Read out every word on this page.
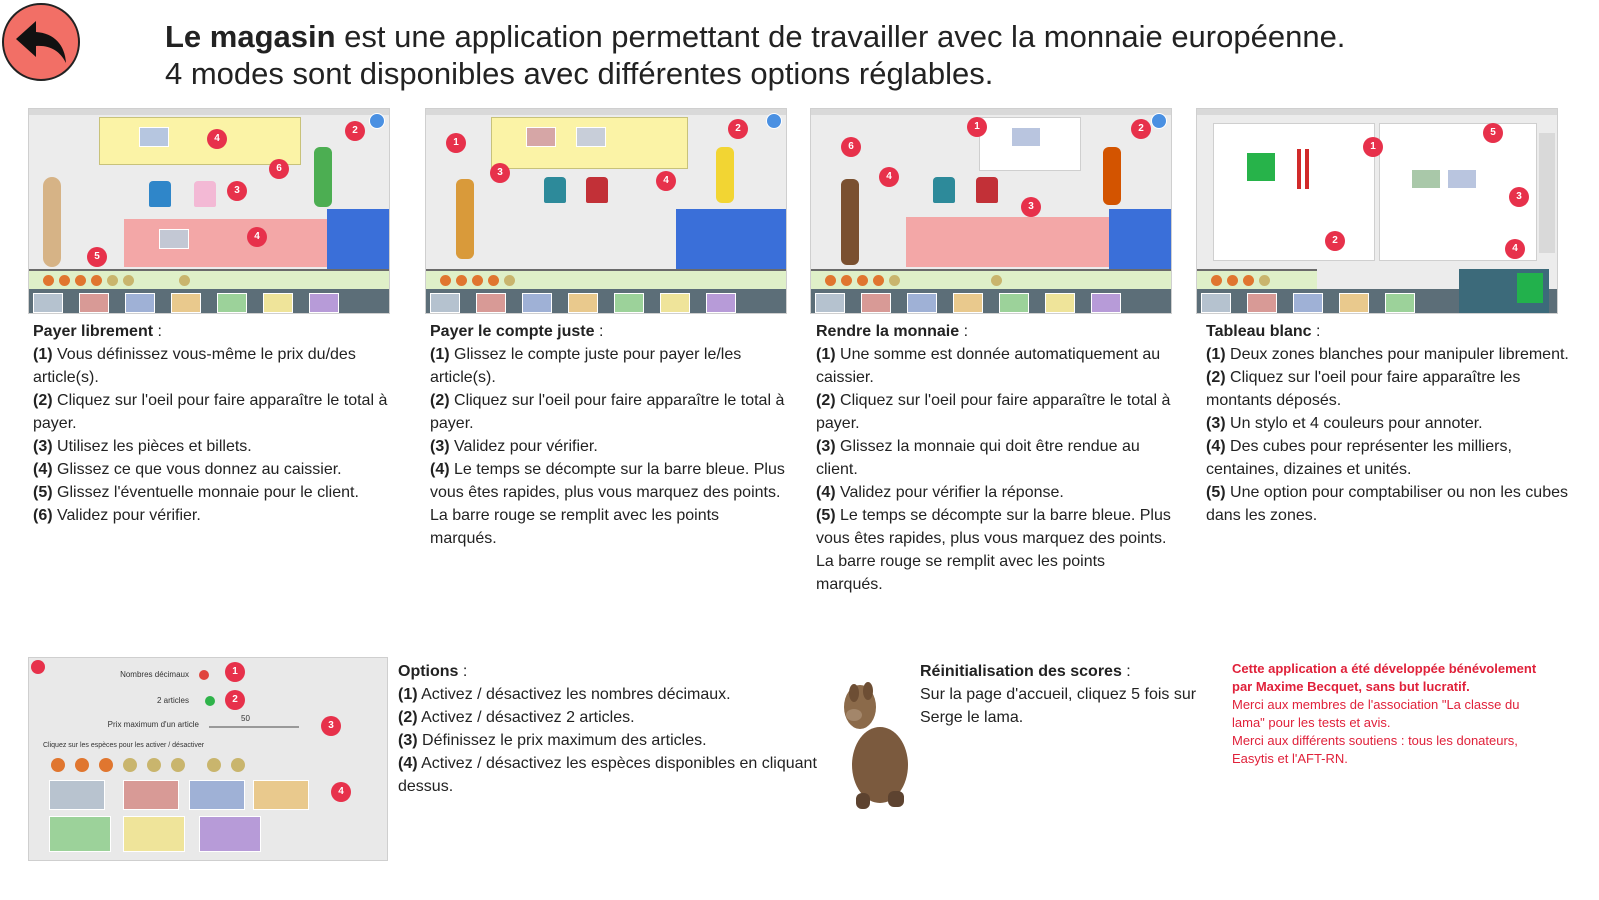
Le magasin est une application permettant de travailler avec la monnaie européenne.
4 modes sont disponibles avec différentes options réglables.
4
2
6
3
4
5
1
2
3
4
1	2
6
4
3
1
5
3
2
4

Payer librement :

(1) Vous définissez vous-même le prix du/des article(s).

(2) Cliquez sur l'oeil pour faire apparaître le total à payer.

(3) Utilisez les pièces et billets.

(4) Glissez ce que vous donnez au caissier.

(5) Glissez l'éventuelle monnaie pour le client.

(6) Validez pour vérifier.

Payer le compte juste :

(1) Glissez le compte juste pour payer le/les article(s).

(2) Cliquez sur l'oeil pour faire apparaître le total à payer.

(3) Validez pour vérifier.

(4) Le temps se décompte sur la barre bleue. Plus vous êtes rapides, plus vous marquez des points.

La barre rouge se remplit avec les points marqués.

Rendre la monnaie :

(1) Une somme est donnée automatiquement au caissier.

(2) Cliquez sur l'oeil pour faire apparaître le total à payer.

(3) Glissez la monnaie qui doit être rendue au client.

(4) Validez pour vérifier la réponse.

(5) Le temps se décompte sur la barre bleue. Plus vous êtes rapides, plus vous marquez des points.

La barre rouge se remplit avec les points marqués.

Tableau blanc :

(1) Deux zones blanches pour manipuler librement.

(2) Cliquez sur l'oeil pour faire apparaître les montants déposés.

(3) Un stylo et 4 couleurs pour annoter.

(4) Des cubes pour représenter les milliers, centaines, dizaines et unités.

(5) Une option pour comptabiliser ou non les cubes dans les zones.

Nombres décimaux	1
2 articles	2
Prix maximum d'un article
50
3
Cliquez sur les espèces pour les activer / désactiver
4

Options :

(1) Activez / désactivez les nombres décimaux.

(2) Activez / désactivez 2 articles.

(3) Définissez le prix maximum des articles.

(4) Activez / désactivez les espèces disponibles en cliquant dessus.

Réinitialisation des scores :

Sur la page d'accueil, cliquez 5 fois sur Serge le lama.

Cette application a été développée bénévolement par Maxime Becquet, sans but lucratif.

Merci aux membres de l'association "La classe du lama" pour les tests et avis.

Merci aux différents soutiens : tous les donateurs, Easytis et l'AFT-RN.
